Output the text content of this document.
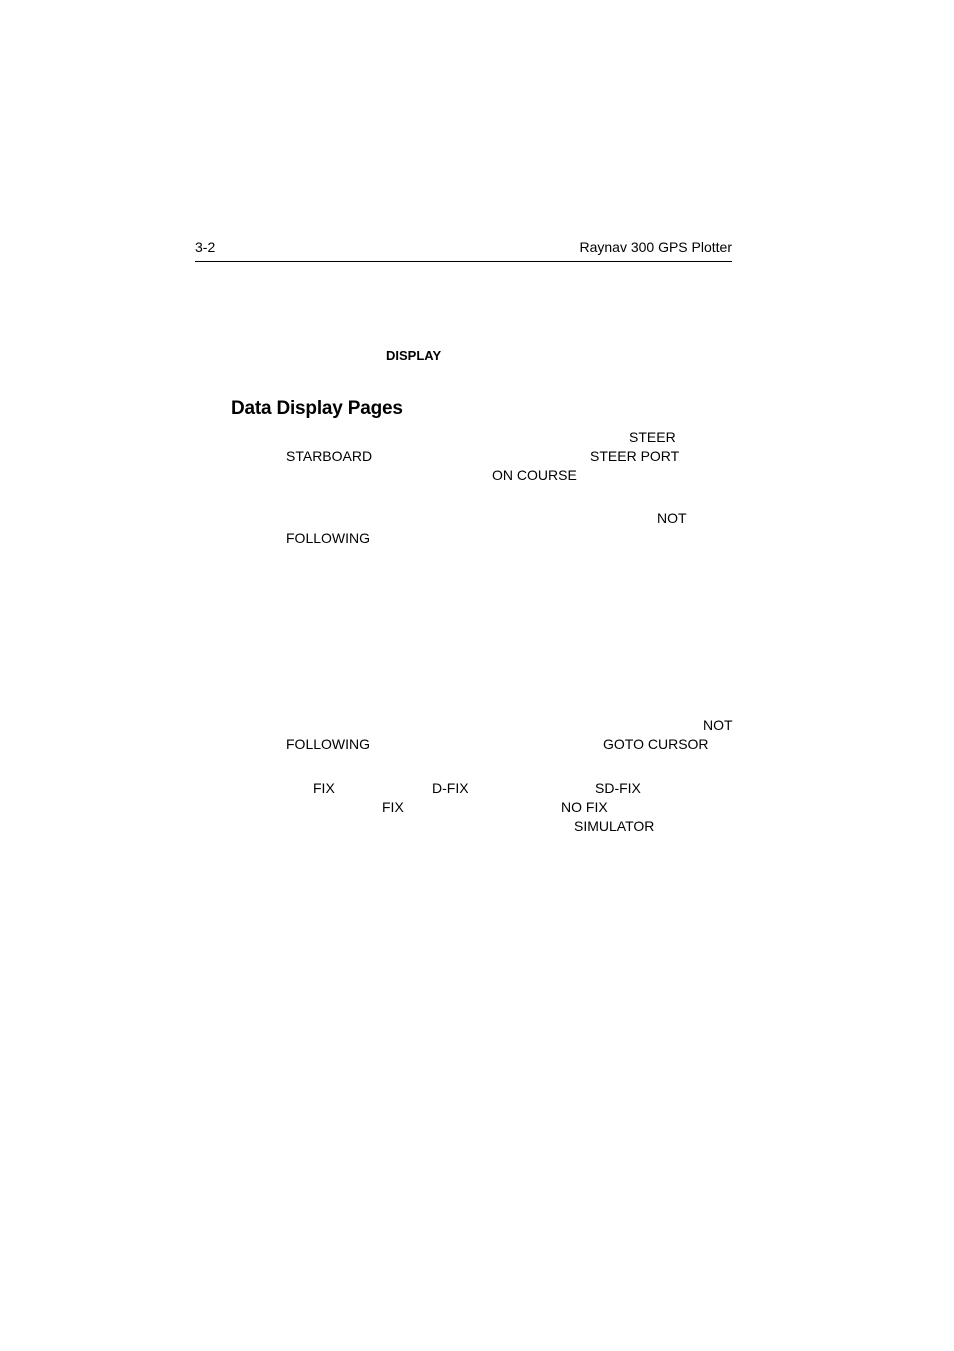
3-2	Raynav 300 GPS Plotter
DISPLAY
Data Display Pages
STEER
STARBOARD	STEER PORT
ON COURSE
NOT
FOLLOWING
NOT
FOLLOWING	GOTO CURSOR
FIX	D-FIX	SD-FIX
FIX	NO FIX
SIMULATOR
